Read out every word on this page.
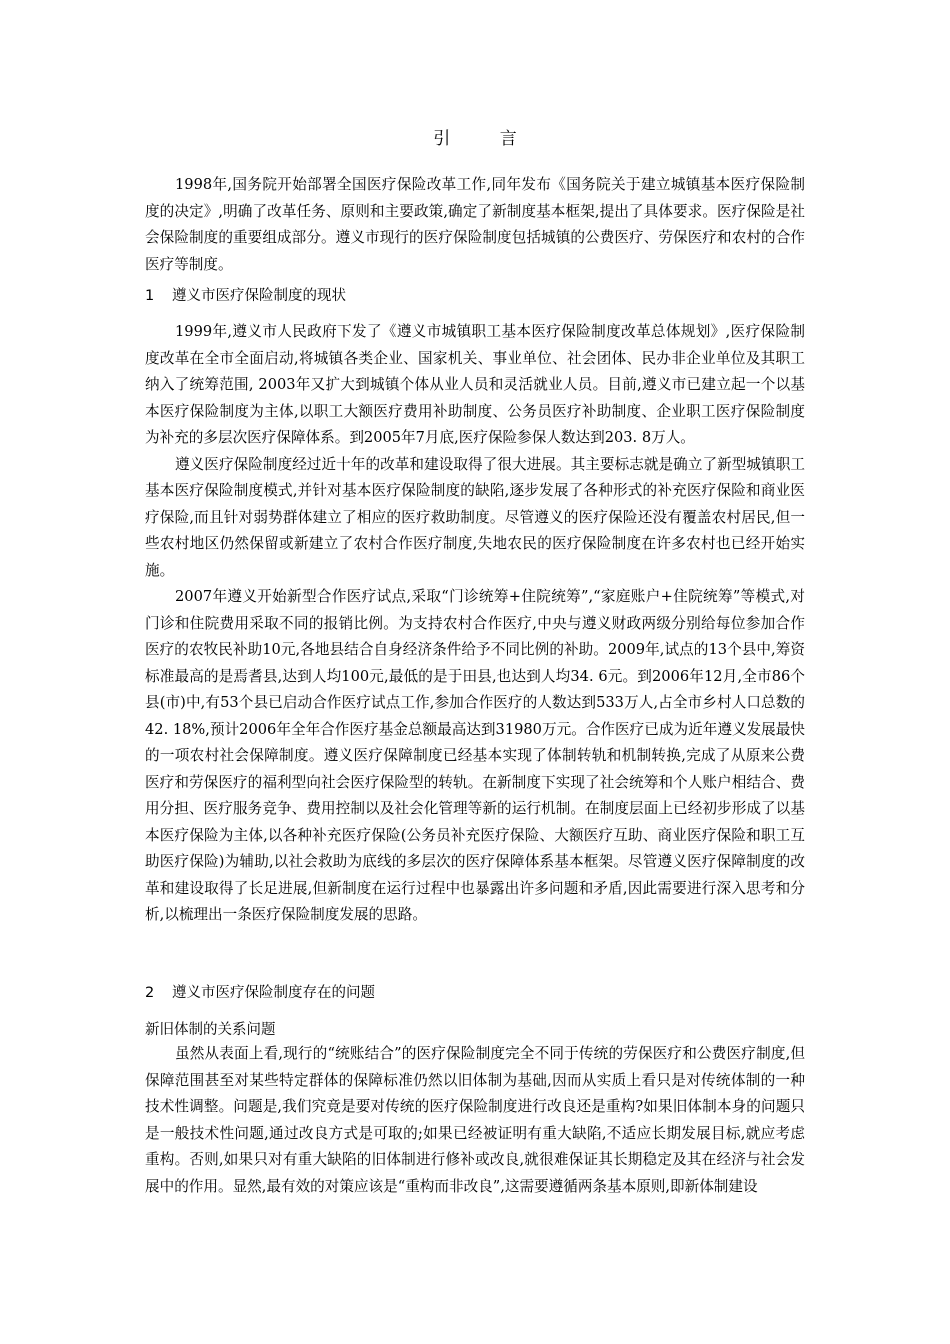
引 言

1998年,国务院开始部署全国医疗保险改革工作,同年发布《国务院关于建立城镇基本医疗保险制度的决定》,明确了改革任务、原则和主要政策,确定了新制度基本框架,提出了具体要求。医疗保险是社会保险制度的重要组成部分。遵义市现行的医疗保险制度包括城镇的公费医疗、劳保医疗和农村的合作医疗等制度。

1 遵义市医疗保险制度的现状

1999年,遵义市人民政府下发了《遵义市城镇职工基本医疗保险制度改革总体规划》,医疗保险制度改革在全市全面启动,将城镇各类企业、国家机关、事业单位、社会团体、民办非企业单位及其职工纳入了统筹范围, 2003年又扩大到城镇个体从业人员和灵活就业人员。目前,遵义市已建立起一个以基本医疗保险制度为主体,以职工大额医疗费用补助制度、公务员医疗补助制度、企业职工医疗保险制度为补充的多层次医疗保障体系。到2005年7月底,医疗保险参保人数达到203. 8万人。

遵义医疗保险制度经过近十年的改革和建设取得了很大进展。其主要标志就是确立了新型城镇职工基本医疗保险制度模式,并针对基本医疗保险制度的缺陷,逐步发展了各种形式的补充医疗保险和商业医疗保险,而且针对弱势群体建立了相应的医疗救助制度。尽管遵义的医疗保险还没有覆盖农村居民,但一些农村地区仍然保留或新建立了农村合作医疗制度,失地农民的医疗保险制度在许多农村也已经开始实施。

2007年遵义开始新型合作医疗试点,采取“门诊统筹+住院统筹”,“家庭账户+住院统筹”等模式,对门诊和住院费用采取不同的报销比例。为支持农村合作医疗,中央与遵义财政两级分别给每位参加合作医疗的农牧民补助10元,各地县结合自身经济条件给予不同比例的补助。2009年,试点的13个县中,筹资标准最高的是焉耆县,达到人均100元,最低的是于田县,也达到人均34. 6元。到2006年12月,全市86个县(市)中,有53个县已启动合作医疗试点工作,参加合作医疗的人数达到533万人,占全市乡村人口总数的42. 18%,预计2006年全年合作医疗基金总额最高达到31980万元。合作医疗已成为近年遵义发展最快的一项农村社会保障制度。遵义医疗保障制度已经基本实现了体制转轨和机制转换,完成了从原来公费医疗和劳保医疗的福利型向社会医疗保险型的转轨。在新制度下实现了社会统筹和个人账户相结合、费用分担、医疗服务竞争、费用控制以及社会化管理等新的运行机制。在制度层面上已经初步形成了以基本医疗保险为主体,以各种补充医疗保险(公务员补充医疗保险、大额医疗互助、商业医疗保险和职工互助医疗保险)为辅助,以社会救助为底线的多层次的医疗保障体系基本框架。尽管遵义医疗保障制度的改革和建设取得了长足进展,但新制度在运行过程中也暴露出许多问题和矛盾,因此需要进行深入思考和分析,以梳理出一条医疗保险制度发展的思路。

2 遵义市医疗保险制度存在的问题
新旧体制的关系问题

虽然从表面上看,现行的“统账结合”的医疗保险制度完全不同于传统的劳保医疗和公费医疗制度,但保障范围甚至对某些特定群体的保障标准仍然以旧体制为基础,因而从实质上看只是对传统体制的一种技术性调整。问题是,我们究竟是要对传统的医疗保险制度进行改良还是重构?如果旧体制本身的问题只是一般技术性问题,通过改良方式是可取的;如果已经被证明有重大缺陷,不适应长期发展目标,就应考虑重构。否则,如果只对有重大缺陷的旧体制进行修补或改良,就很难保证其长期稳定及其在经济与社会发展中的作用。显然,最有效的对策应该是“重构而非改良”,这需要遵循两条基本原则,即新体制建设
